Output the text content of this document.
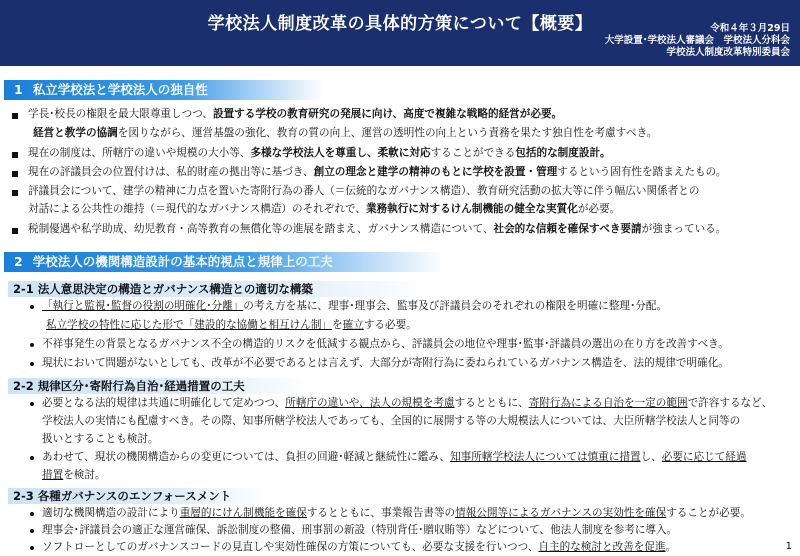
学校法人制度改革の具体的方策について【概要】	令和４年３月29日
大学設置･学校法人審議会　学校法人分科会
学校法人制度改革特別委員会
1 私立学校法と学校法人の独自性
学長･校長の権限を最大限尊重しつつ、設置する学校の教育研究の発展に向け、高度で複雑な戦略的経営が必要。
経営と教学の協調を図りながら、運営基盤の強化、教育の質の向上、運営の透明性の向上という責務を果たす独自性を考慮すべき。
現在の制度は、所轄庁の違いや規模の大小等、多様な学校法人を尊重し、柔軟に対応することができる包括的な制度設計。
現在の評議員会の位置付けは、私的財産の拠出等に基づき、創立の理念と建学の精神のもとに学校を設置・管理するという固有性を踏まえたもの。
評議員会について、建学の精神に力点を置いた寄附行為の番人（＝伝統的なガバナンス構造）、教育研究活動の拡大等に伴う幅広い関係者との
対話による公共性の維持（＝現代的なガバナンス構造）のそれぞれで、業務執行に対するけん制機能の健全な実質化が必要。
税制優遇や私学助成、幼児教育・高等教育の無償化等の進展を踏まえ、ガバナンス構造について、社会的な信頼を確保すべき要請が強まっている。
2 学校法人の機関構造設計の基本的視点と規律上の工夫
2-1 法人意思決定の構造とガバナンス構造との適切な構築
「執行と監視･監督の役割の明確化･分離」の考え方を基に、理事･理事会、監事及び評議員会のそれぞれの権限を明確に整理･分配。
私立学校の特性に応じた形で「建設的な協働と相互けん制」を確立する必要。
不祥事発生の背景となるガバナンス不全の構造的リスクを低減する観点から、評議員会の地位や理事･監事･評議員の選出の在り方を改善すべき。
現状において問題がないとしても、改革が不必要であるとは言えず、大部分が寄附行為に委ねられているガバナンス構造を、法的規律で明確化。
2-2 規律区分･寄附行為自治･経過措置の工夫
必要となる法的規律は共通に明確化して定めつつ、所轄庁の違いや、法人の規模を考慮するとともに、寄附行為による自治を一定の範囲で許容するなど、
学校法人の実情にも配慮すべき。その際、知事所轄学校法人であっても、全国的に展開する等の大規模法人については、大臣所轄学校法人と同等の
扱いとすることも検討。
あわせて、現状の機関構造からの変更については、負担の回避･軽減と継続性に鑑み、知事所轄学校法人については慎重に措置し、必要に応じて経過
措置を検討。
2-3 各種ガバナンスのエンフォースメント
適切な機関構造の設計により重層的にけん制機能を確保するとともに、事業報告書等の情報公開等によるガバナンスの実効性を確保することが必要。
理事会･評議員会の適正な運営確保、訴訟制度の整備、刑事罰の新設（特別背任･贈収賄等）などについて、他法人制度を参考に導入。
ソフトローとしてのガバナンスコードの見直しや実効性確保の方策についても、必要な支援を行いつつ、自主的な検討と改善を促進。	1
